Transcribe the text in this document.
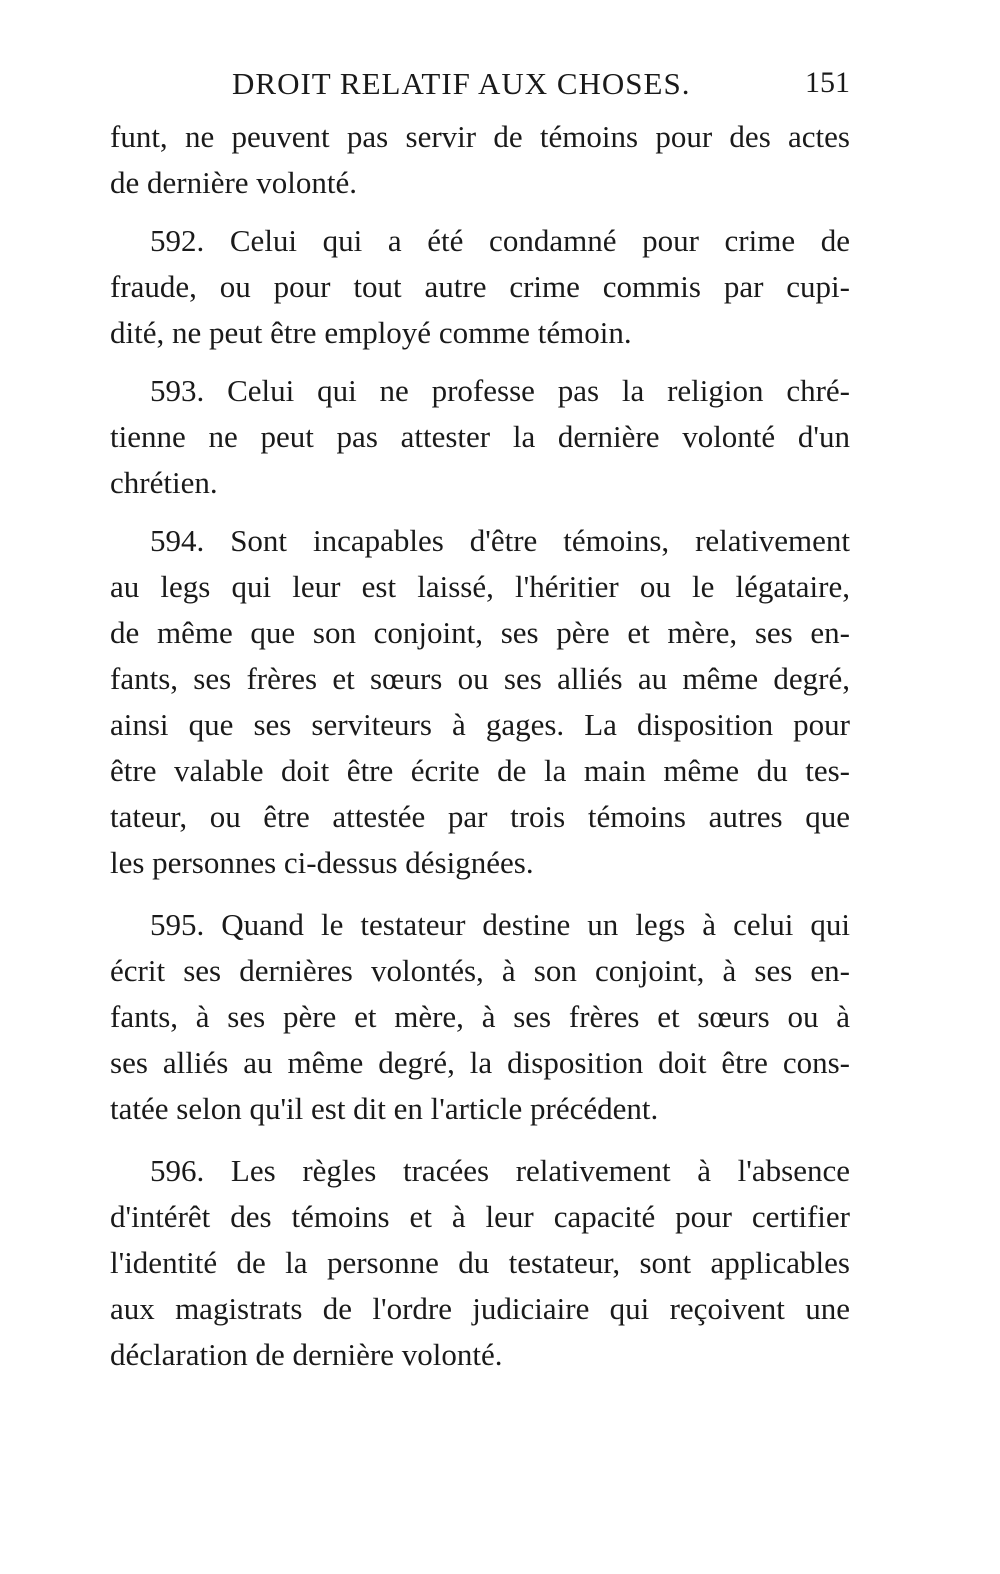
DROIT RELATIF AUX CHOSES.	151
funt, ne peuvent pas servir de témoins pour des actes
de dernière volonté.
592. Celui qui a été condamné pour crime de
fraude, ou pour tout autre crime commis par cupi-
dité, ne peut être employé comme témoin.
593. Celui qui ne professe pas la religion chré-
tienne ne peut pas attester la dernière volonté d'un
chrétien.
594. Sont incapables d'être témoins, relativement
au legs qui leur est laissé, l'héritier ou le légataire,
de même que son conjoint, ses père et mère, ses en-
fants, ses frères et sœurs ou ses alliés au même degré,
ainsi que ses serviteurs à gages. La disposition pour
être valable doit être écrite de la main même du tes-
tateur, ou être attestée par trois témoins autres que
les personnes ci-dessus désignées.
595. Quand le testateur destine un legs à celui qui
écrit ses dernières volontés, à son conjoint, à ses en-
fants, à ses père et mère, à ses frères et sœurs ou à
ses alliés au même degré, la disposition doit être cons-
tatée selon qu'il est dit en l'article précédent.
596. Les règles tracées relativement à l'absence
d'intérêt des témoins et à leur capacité pour certifier
l'identité de la personne du testateur, sont applicables
aux magistrats de l'ordre judiciaire qui reçoivent une
déclaration de dernière volonté.
